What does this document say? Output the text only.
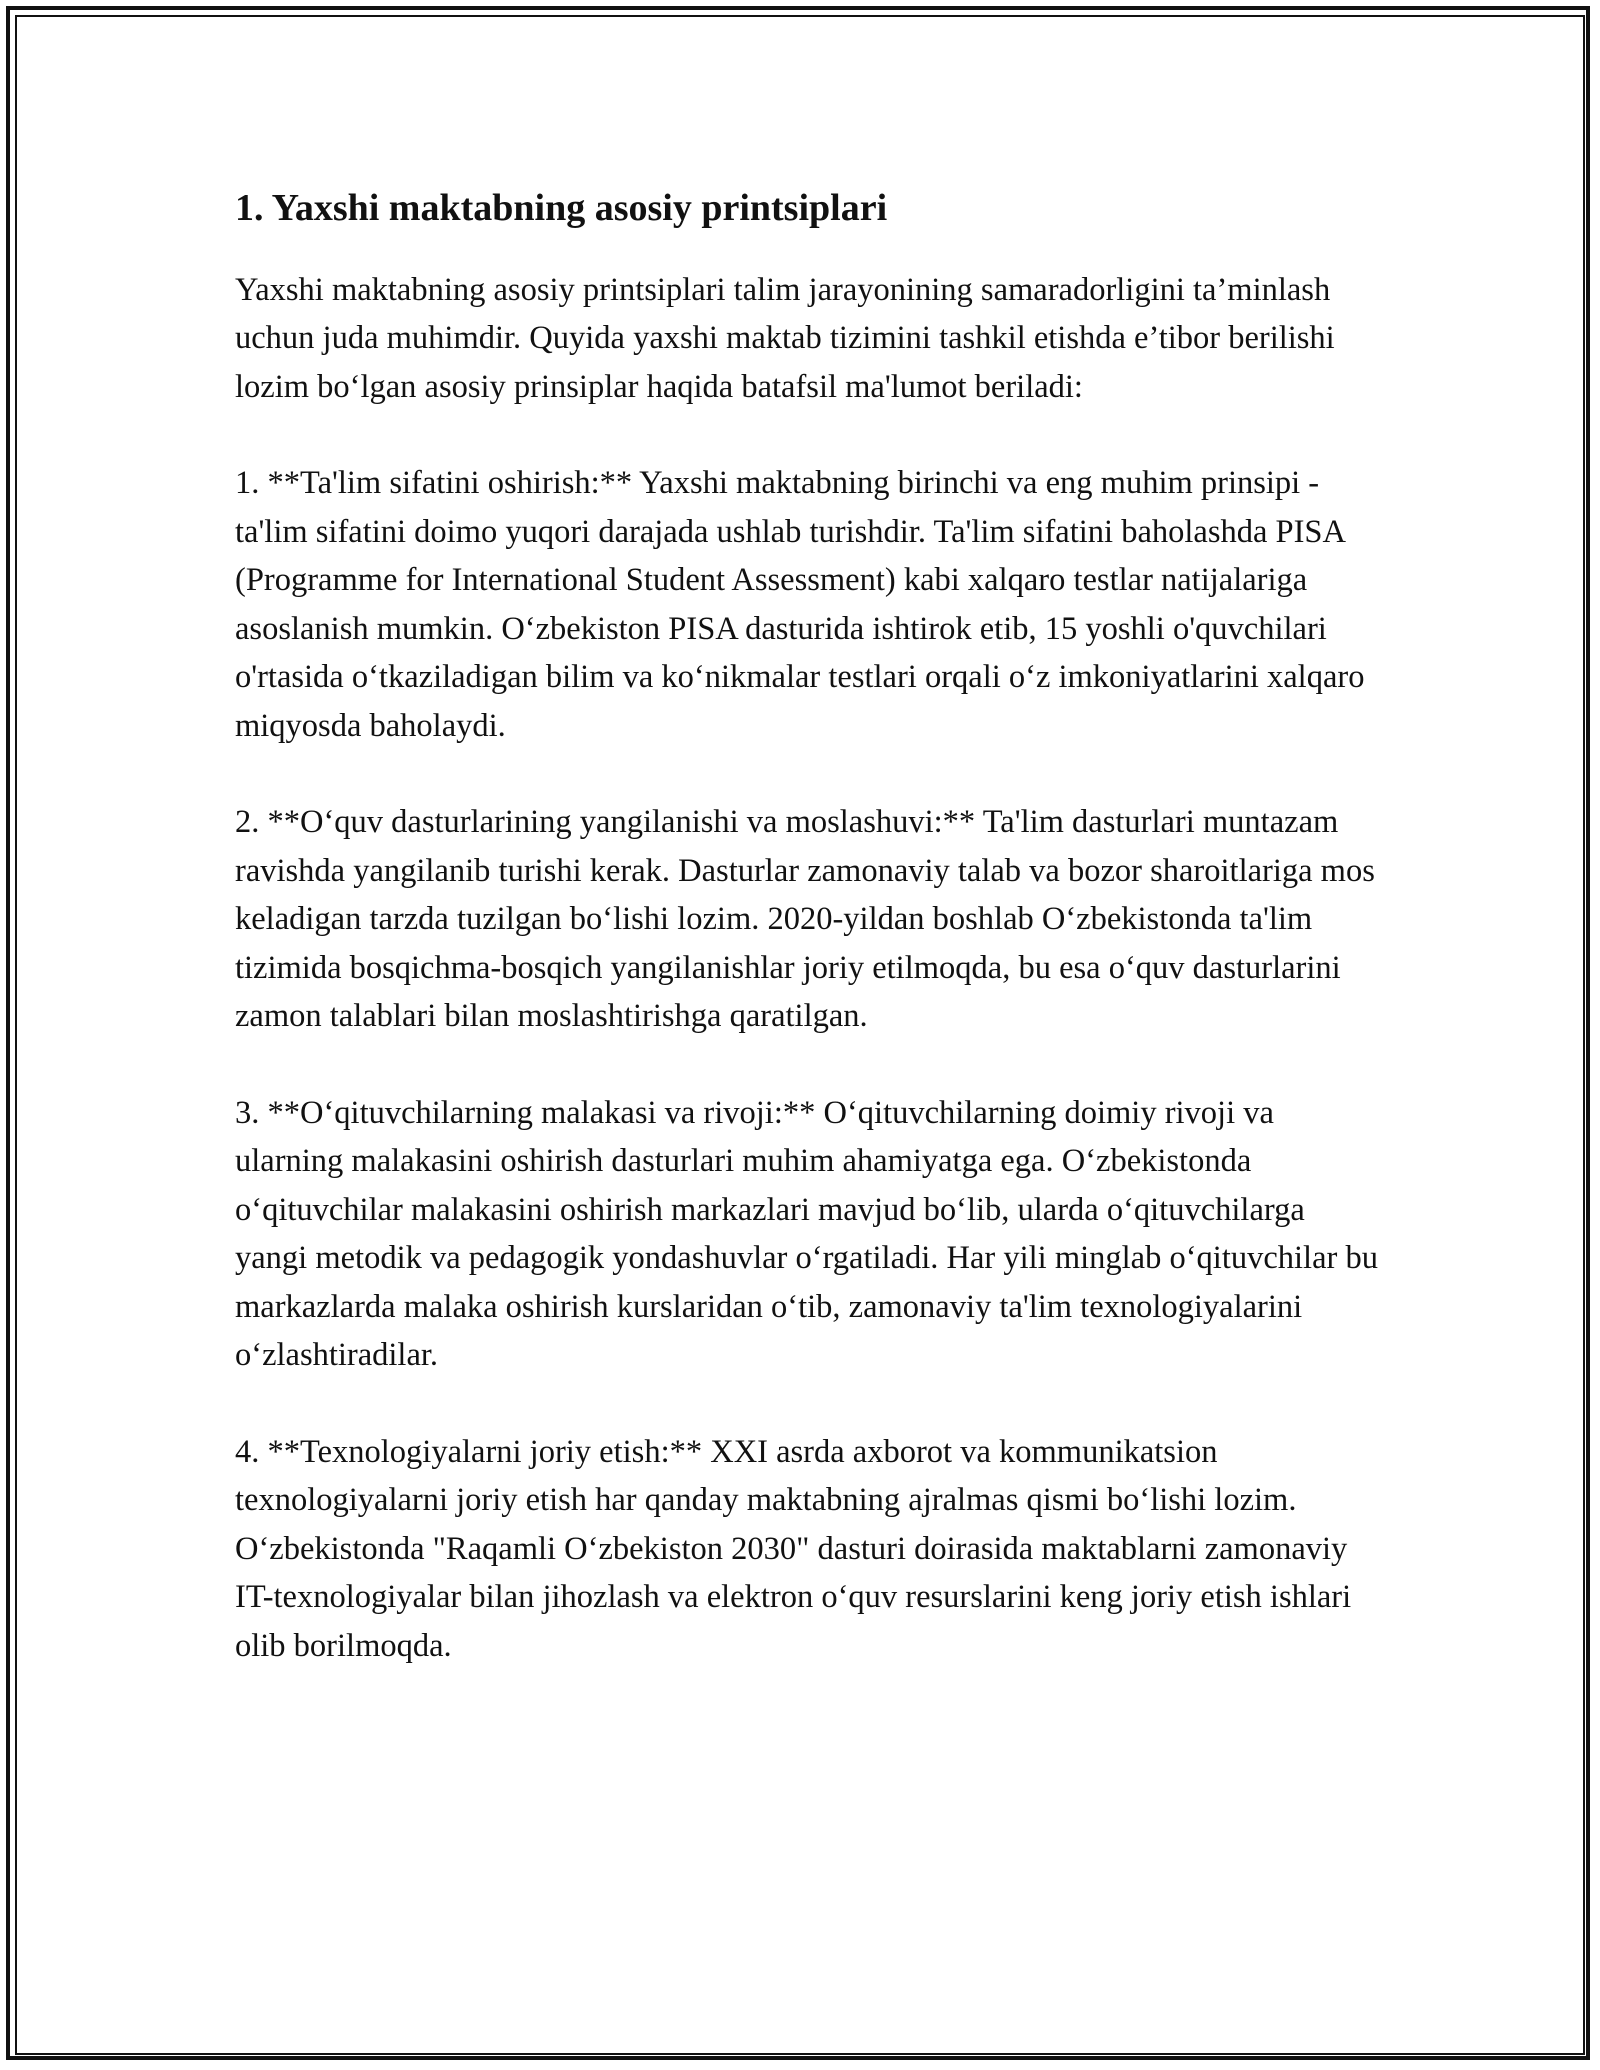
1. Yaxshi maktabning asosiy printsiplari

Yaxshi maktabning asosiy printsiplari talim jarayonining samaradorligini ta’minlash uchun juda muhimdir. Quyida yaxshi maktab tizimini tashkil etishda e’tibor berilishi lozim bo‘lgan asosiy prinsiplar haqida batafsil ma'lumot beriladi:

1. **Ta'lim sifatini oshirish:** Yaxshi maktabning birinchi va eng muhim prinsipi - ta'lim sifatini doimo yuqori darajada ushlab turishdir. Ta'lim sifatini baholashda PISA (Programme for International Student Assessment) kabi xalqaro testlar natijalariga asoslanish mumkin. O‘zbekiston PISA dasturida ishtirok etib, 15 yoshli o'quvchilari o'rtasida o‘tkaziladigan bilim va ko‘nikmalar testlari orqali o‘z imkoniyatlarini xalqaro miqyosda baholaydi.

2. **O‘quv dasturlarining yangilanishi va moslashuvi:** Ta'lim dasturlari muntazam ravishda yangilanib turishi kerak. Dasturlar zamonaviy talab va bozor sharoitlariga mos keladigan tarzda tuzilgan bo‘lishi lozim. 2020-yildan boshlab O‘zbekistonda ta'lim tizimida bosqichma-bosqich yangilanishlar joriy etilmoqda, bu esa o‘quv dasturlarini zamon talablari bilan moslashtirishga qaratilgan.

3. **O‘qituvchilarning malakasi va rivoji:** O‘qituvchilarning doimiy rivoji va ularning malakasini oshirish dasturlari muhim ahamiyatga ega. O‘zbekistonda o‘qituvchilar malakasini oshirish markazlari mavjud bo‘lib, ularda o‘qituvchilarga yangi metodik va pedagogik yondashuvlar o‘rgatiladi. Har yili minglab o‘qituvchilar bu markazlarda malaka oshirish kurslaridan o‘tib, zamonaviy ta'lim texnologiyalarini o‘zlashtiradilar.

4. **Texnologiyalarni joriy etish:** XXI asrda axborot va kommunikatsion texnologiyalarni joriy etish har qanday maktabning ajralmas qismi bo‘lishi lozim. O‘zbekistonda "Raqamli O‘zbekiston 2030" dasturi doirasida maktablarni zamonaviy IT-texnologiyalar bilan jihozlash va elektron o‘quv resurslarini keng joriy etish ishlari olib borilmoqda.
